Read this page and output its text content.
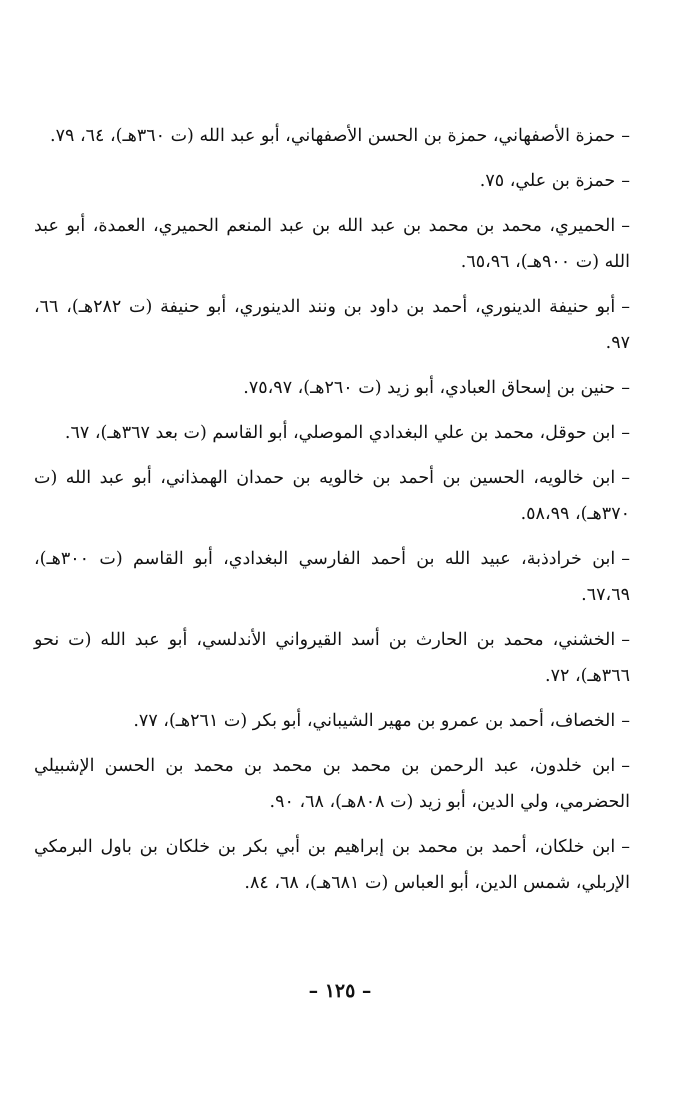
–حمزة الأصفهاني، حمزة بن الحسن الأصفهاني، أبو عبد الله (ت ٣٦٠هـ)، ٦٤، ٧٩.
–حمزة بن علي، ٧٥.
–الحميري، محمد بن محمد بن عبد الله بن عبد المنعم الحميري، العمدة، أبو عبد الله (ت ٩٠٠هـ)، ٦٥،٩٦.
–أبو حنيفة الدينوري، أحمد بن داود بن ونند الدينوري، أبو حنيفة (ت ٢٨٢هـ)، ٦٦، ٩٧.
–حنين بن إسحاق العبادي، أبو زيد (ت ٢٦٠هـ)، ٧٥،٩٧.
–ابن حوقل، محمد بن علي البغدادي الموصلي، أبو القاسم (ت بعد ٣٦٧هـ)، ٦٧.
–ابن خالويه، الحسين بن أحمد بن خالويه بن حمدان الهمذاني، أبو عبد الله (ت ٣٧٠هـ)، ٥٨،٩٩.
–ابن خرادذبة، عبيد الله بن أحمد الفارسي البغدادي، أبو القاسم (ت ٣٠٠هـ)، ٦٧،٦٩.
–الخشني، محمد بن الحارث بن أسد القيرواني الأندلسي، أبو عبد الله (ت نحو ٣٦٦هـ)، ٧٢.
–الخصاف، أحمد بن عمرو بن مهير الشيباني، أبو بكر (ت ٢٦١هـ)، ٧٧.
–ابن خلدون، عبد الرحمن بن محمد بن محمد بن محمد بن الحسن الإشبيلي الحضرمي، ولي الدين، أبو زيد (ت ٨٠٨هـ)، ٦٨، ٩٠.
–ابن خلكان، أحمد بن محمد بن إبراهيم بن أبي بكر بن خلكان بن باول البرمكي الإربلي، شمس الدين، أبو العباس (ت ٦٨١هـ)، ٦٨، ٨٤.
– ١٢٥ –
